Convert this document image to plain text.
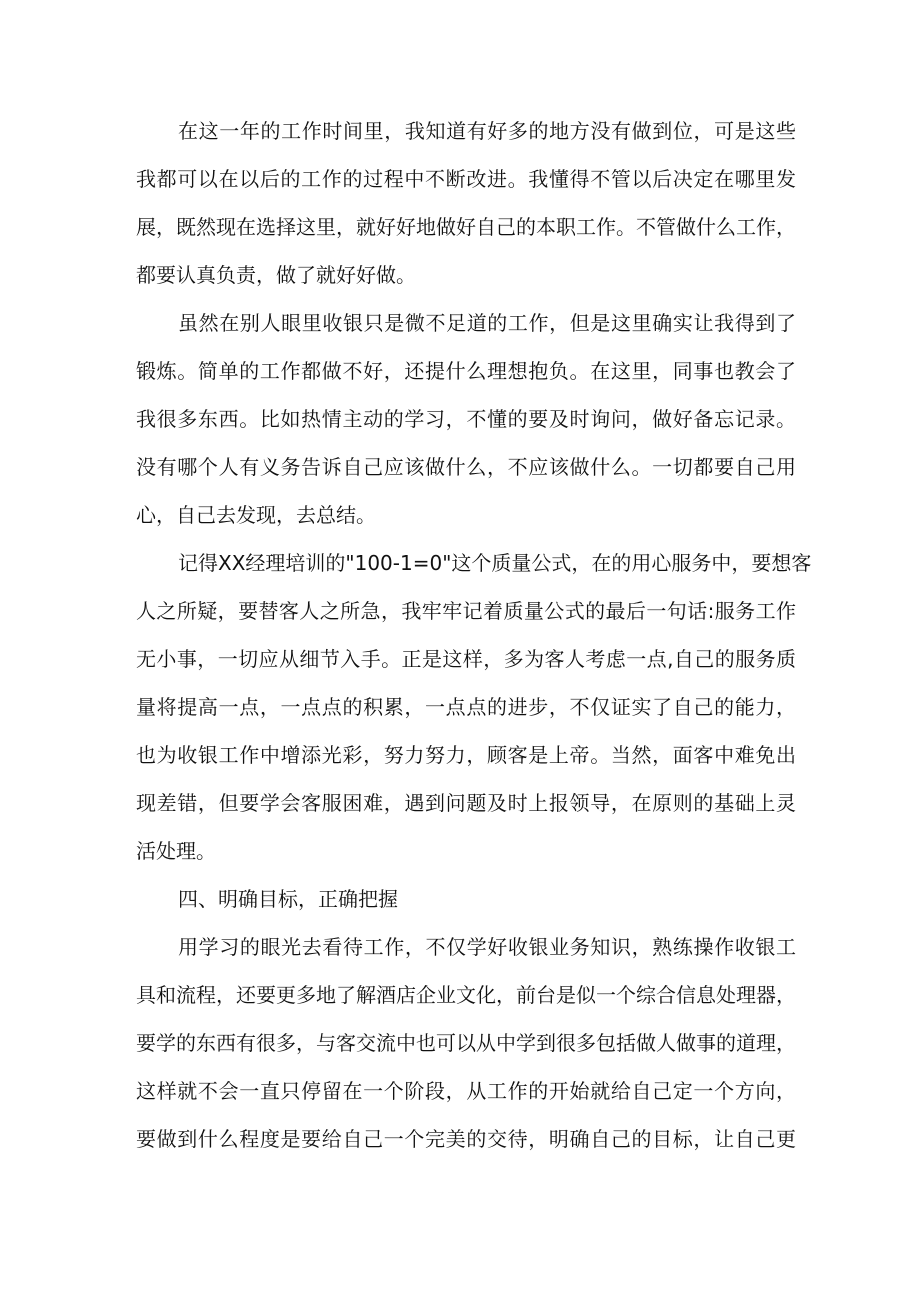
在这一年的工作时间里，我知道有好多的地方没有做到位，可是这些
我都可以在以后的工作的过程中不断改进。我懂得不管以后决定在哪里发
展，既然现在选择这里，就好好地做好自己的本职工作。不管做什么工作，
都要认真负责，做了就好好做。
虽然在别人眼里收银只是微不足道的工作，但是这里确实让我得到了
锻炼。简单的工作都做不好，还提什么理想抱负。在这里，同事也教会了
我很多东西。比如热情主动的学习，不懂的要及时询问，做好备忘记录。
没有哪个人有义务告诉自己应该做什么，不应该做什么。一切都要自己用
心，自己去发现，去总结。
记得XX经理培训的"100-1=0"这个质量公式，在的用心服务中，要想客
人之所疑，要替客人之所急，我牢牢记着质量公式的最后一句话:服务工作
无小事，一切应从细节入手。正是这样，多为客人考虑一点,自己的服务质
量将提高一点，一点点的积累，一点点的进步，不仅证实了自己的能力，
也为收银工作中增添光彩，努力努力，顾客是上帝。当然，面客中难免出
现差错，但要学会客服困难，遇到问题及时上报领导，在原则的基础上灵
活处理。
四、明确目标，正确把握
用学习的眼光去看待工作，不仅学好收银业务知识，熟练操作收银工
具和流程，还要更多地了解酒店企业文化，前台是似一个综合信息处理器，
要学的东西有很多，与客交流中也可以从中学到很多包括做人做事的道理，
这样就不会一直只停留在一个阶段，从工作的开始就给自己定一个方向，
要做到什么程度是要给自己一个完美的交待，明确自己的目标，让自己更
